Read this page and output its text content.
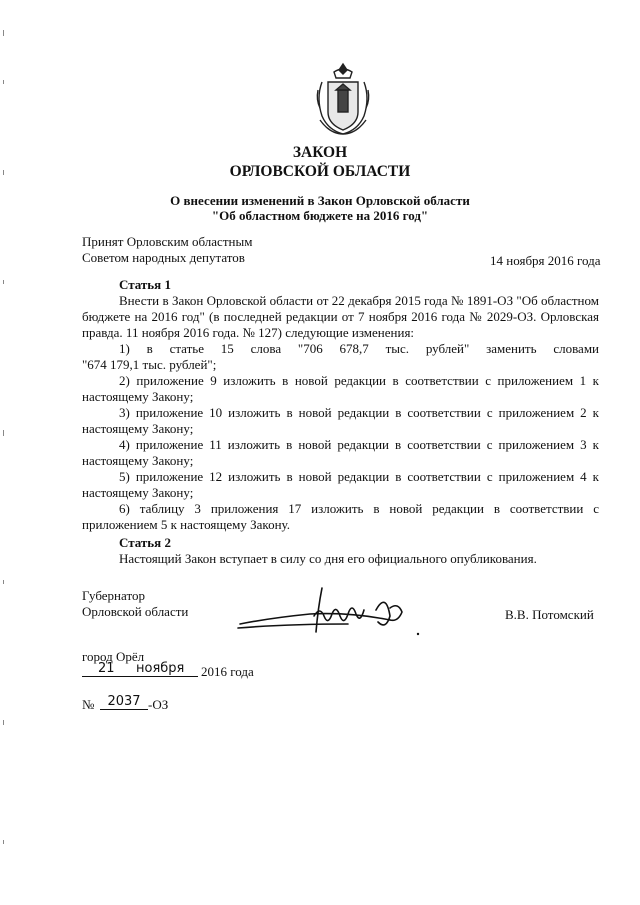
ЗАКОН
ОРЛОВСКОЙ ОБЛАСТИ
О внесении изменений в Закон Орловской области
"Об областном бюджете на 2016 год"
Принят Орловским областным
Советом народных депутатов	14 ноября 2016 года
Статья 1
Внести в Закон Орловской области от 22 декабря 2015 года № 1891-ОЗ "Об областном
бюджете на 2016 год" (в последней редакции от 7 ноября 2016 года № 2029-ОЗ. Орловская
правда. 11 ноября 2016 года. № 127) следующие изменения:
1) в статье 15 слова "706 678,7 тыс. рублей" заменить словами
"674 179,1 тыс. рублей";
2) приложение 9 изложить в новой редакции в соответствии с приложением 1 к
настоящему Закону;
3) приложение 10 изложить в новой редакции в соответствии с приложением 2 к
настоящему Закону;
4) приложение 11 изложить в новой редакции в соответствии с приложением 3 к
настоящему Закону;
5) приложение 12 изложить в новой редакции в соответствии с приложением 4 к
настоящему Закону;
6) таблицу 3 приложения 17 изложить в новой редакции в соответствии с
приложением 5 к настоящему Закону.
Статья 2
Настоящий Закон вступает в силу со дня его официального опубликования.
Губернатор
Орловской области	В.В. Потомский
город Орёл
21	ноября	2016 года
№	2037 -ОЗ
